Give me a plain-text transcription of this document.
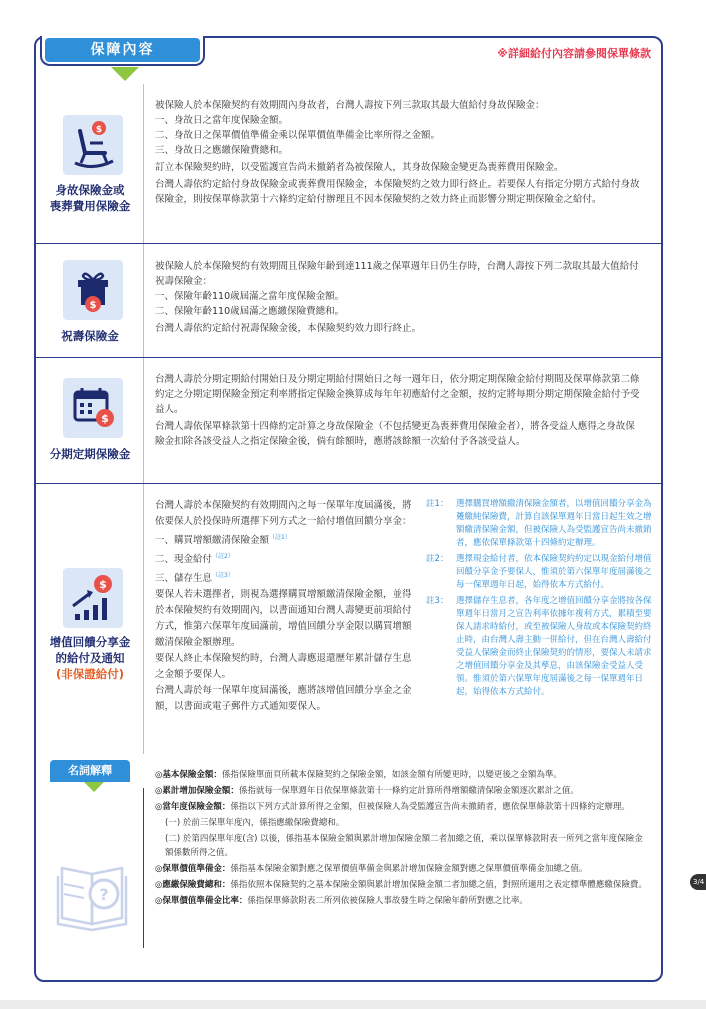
保障內容	※詳細給付內容請參閱保單條款
$
身故保險金或
喪葬費用保險金

被保險人於本保險契約有效期間內身故者，台灣人壽按下列三款取其最大值給付身故保險金：

一、身故日之當年度保險金額。

二、身故日之保單價值準備金乘以保單價值準備金比率所得之金額。

三、身故日之應繳保險費總和。

訂立本保險契約時，以受監護宣告尚未撤銷者為被保險人，其身故保險金變更為喪葬費用保險金。

台灣人壽依約定給付身故保險金或喪葬費用保險金，本保險契約之效力即行終止。若要保人有指定分期方式給付身故保險金，則按保單條款第十六條約定給付辦理且不因本保險契約之效力終止而影響分期定期保險金之給付。

$
祝壽保險金

被保險人於本保險契約有效期間且保險年齡到達111歲之保單週年日仍生存時，台灣人壽按下列二款取其最大值給付祝壽保險金：

一、保險年齡110歲屆滿之當年度保險金額。

二、保險年齡110歲屆滿之應繳保險費總和。

台灣人壽依約定給付祝壽保險金後，本保險契約效力即行終止。

$
分期定期保險金

台灣人壽於分期定期給付開始日及分期定期給付開始日之每一週年日，依分期定期保險金給付期間及保單條款第二條約定之分期定期保險金預定利率將指定保險金換算成每年年初應給付之金額，按約定將每期分期定期保險金給付予受益人。

台灣人壽依保單條款第十四條約定計算之身故保險金（不包括變更為喪葬費用保險金者），將各受益人應得之身故保險金扣除各該受益人之指定保險金後，倘有餘額時，應將該餘額一次給付予各該受益人。

$
增值回饋分享金
的給付及通知
(非保證給付)

台灣人壽於本保險契約有效期間內之每一保單年度屆滿後，將依要保人於投保時所選擇下列方式之一給付增值回饋分享金：

一、購買增額繳清保險金額$^{(註1)}$

二、現金給付$^{(註2)}$

三、儲存生息$^{(註3)}$

要保人若未選擇者，則視為選擇購買增額繳清保險金額，並得於本保險契約有效期間內，以書面通知台灣人壽變更前項給付方式，惟第六保單年度屆滿前，增值回饋分享金限以購買增額繳清保險金額辦理。

要保人終止本保險契約時，台灣人壽應退還歷年累計儲存生息之金額予要保人。

台灣人壽於每一保單年度屆滿後，應將該增值回饋分享金之金額，以書面或電子郵件方式通知要保人。

註1： 選擇購買增額繳清保險金額者，以增值回饋分享金為躉繳純保險費，計算自該保單週年日當日起生效之增額繳清保險金額，但被保險人為受監護宣告尚未撤銷者，應依保單條款第十四條約定辦理。
註2： 選擇現金給付者，依本保險契約約定以現金給付增值回饋分享金予要保人，惟須於第六保單年度屆滿後之每一保單週年日起，始得依本方式給付。
註3： 選擇儲存生息者，各年度之增值回饋分享金將按各保單週年日當月之宣告利率依據年複利方式，累積至要保人請求時給付，或至被保險人身故或本保險契約終止時，由台灣人壽主動一併給付，但在台灣人壽給付受益人保險金而終止保險契約的情形，要保人未請求之增值回饋分享金及其孳息，由該保險金受益人受領。惟須於第六保單年度屆滿後之每一保單週年日起，始得依本方式給付。
名詞解釋
?
◎基本保險金額：係指保險單面頁所載本保險契約之保險金額，如該金額有所變更時，以變更後之金額為準。
◎累計增加保險金額：係指就每一保單週年日依保單條款第十一條約定計算所得增額繳清保險金額逐次累計之值。
◎當年度保險金額：係指以下列方式計算所得之金額，但被保險人為受監護宣告尚未撤銷者，應依保單條款第十四條約定辦理。
(一) 於前三保單年度內，係指應繳保險費總和。
(二) 於第四保單年度(含) 以後，係指基本保險金額與累計增加保險金額二者加總之值，乘以保單條款附表一所列之當年度保險金額係數所得之值。
◎保單價值準備金：係指基本保險金額對應之保單價值準備金與累計增加保險金額對應之保單價值準備金加總之值。
◎應繳保險費總和：係指依照本保險契約之基本保險金額與累計增加保險金額二者加總之值，對照所適用之表定標準體應繳保險費。
◎保單價值準備金比率：係指保單條款附表二所列依被保險人事故發生時之保險年齡所對應之比率。
3/4
